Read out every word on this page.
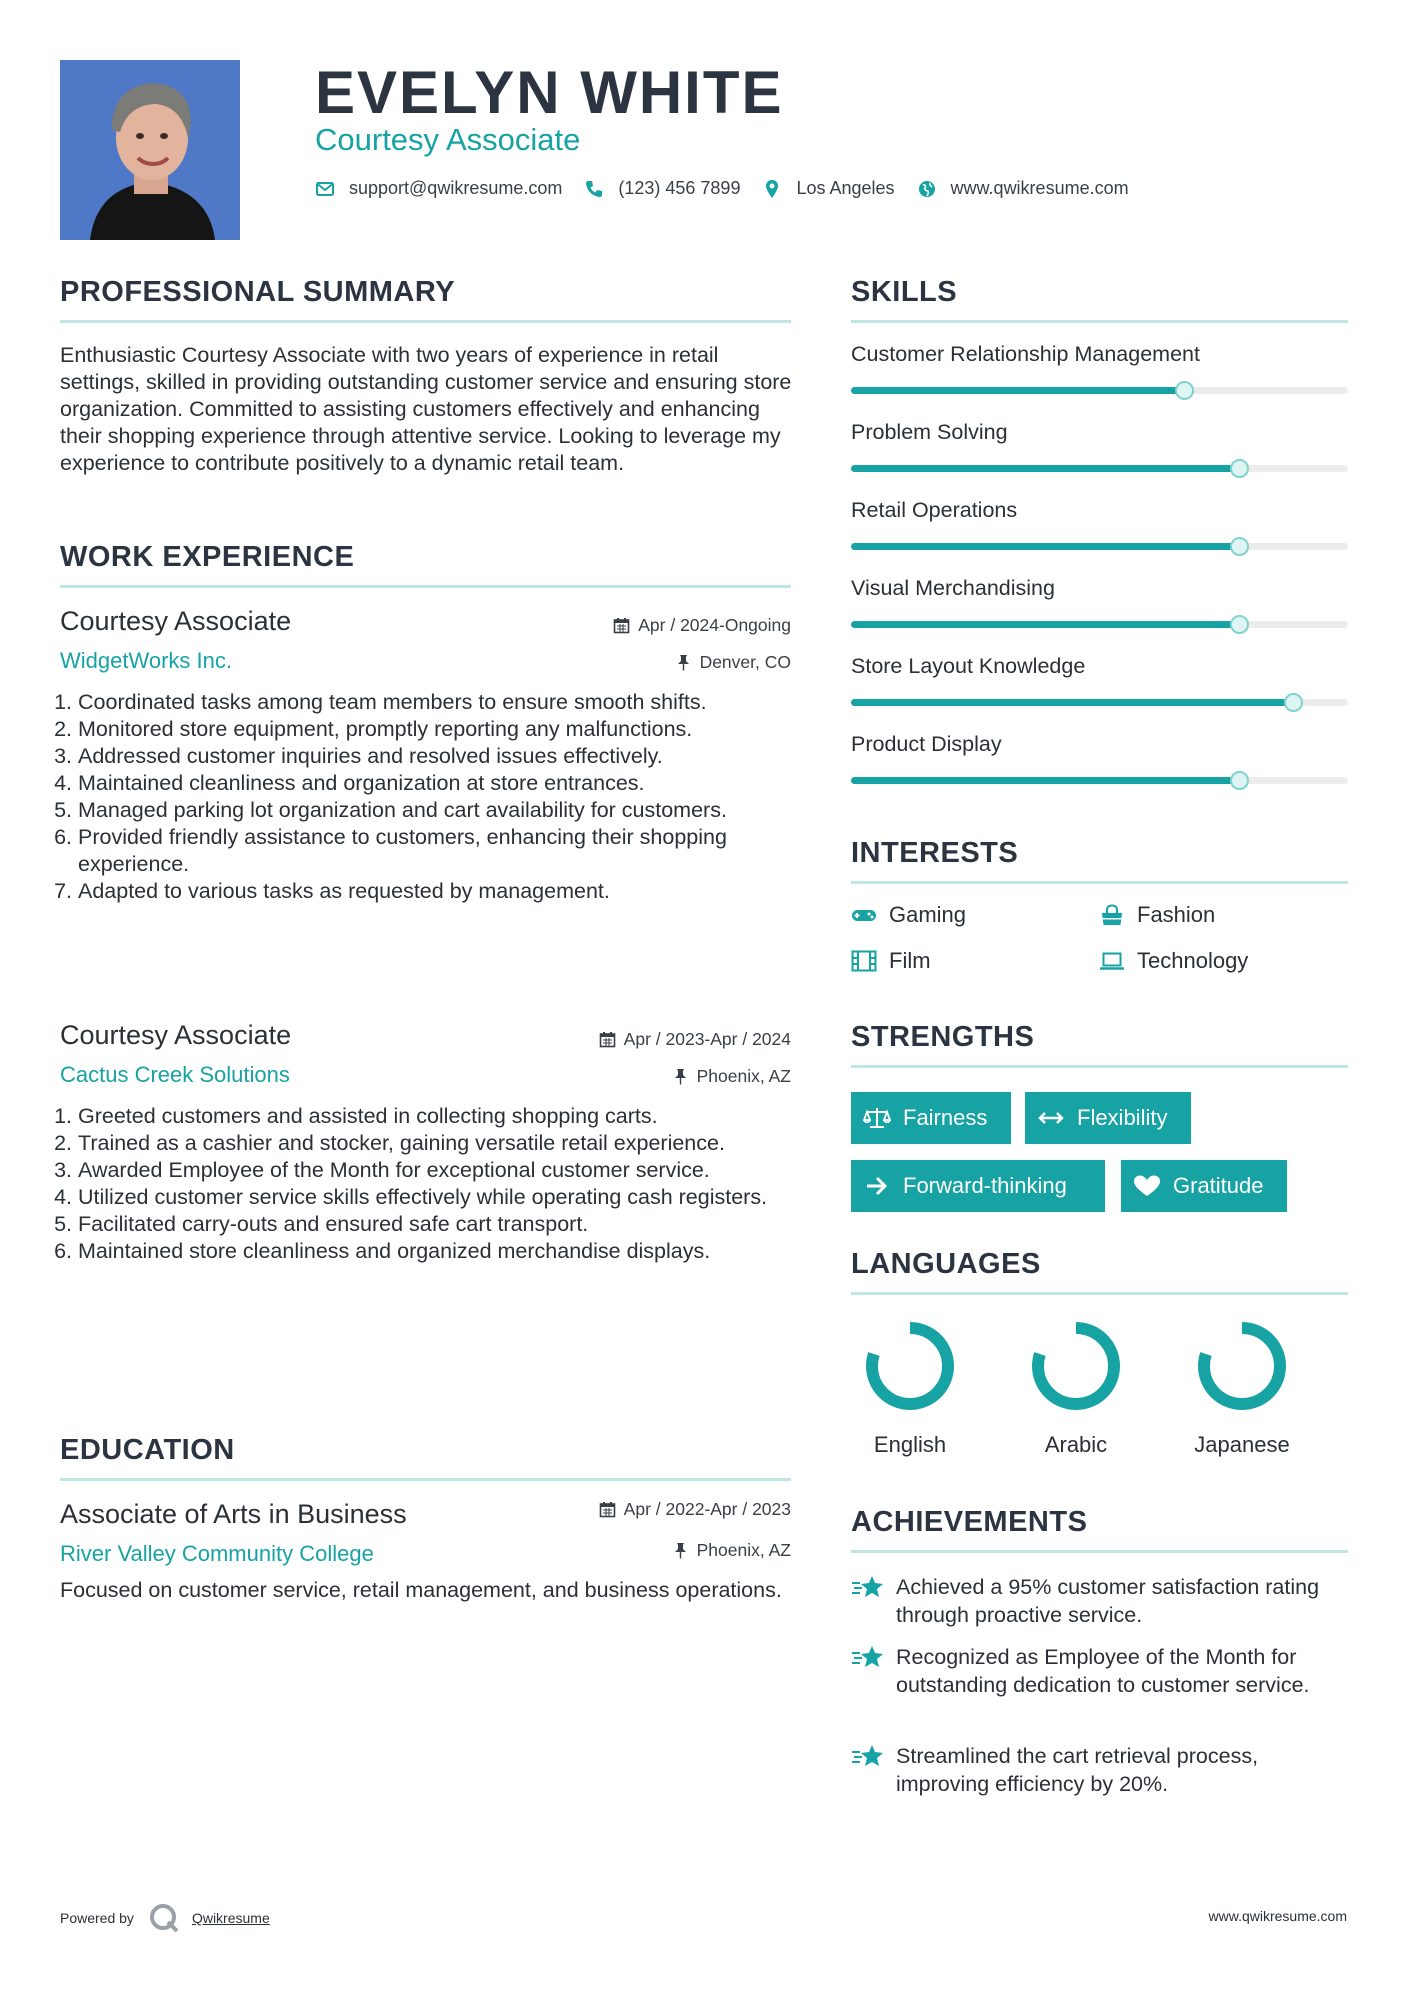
EVELYN WHITE
Courtesy Associate
support@qwikresume.com	(123) 456 7899	Los Angeles	www.qwikresume.com
PROFESSIONAL SUMMARY
Enthusiastic Courtesy Associate with two years of experience in retail settings, skilled in providing outstanding customer service and ensuring store organization. Committed to assisting customers effectively and enhancing their shopping experience through attentive service. Looking to leverage my experience to contribute positively to a dynamic retail team.
WORK EXPERIENCE
Courtesy Associate	Apr / 2024-Ongoing
WidgetWorks Inc.	Denver, CO
1. Coordinated tasks among team members to ensure smooth shifts.
2. Monitored store equipment, promptly reporting any malfunctions.
3. Addressed customer inquiries and resolved issues effectively.
4. Maintained cleanliness and organization at store entrances.
5. Managed parking lot organization and cart availability for customers.
6. Provided friendly assistance to customers, enhancing their shopping experience.
7. Adapted to various tasks as requested by management.
Courtesy Associate	Apr / 2023-Apr / 2024
Cactus Creek Solutions	Phoenix, AZ
1. Greeted customers and assisted in collecting shopping carts.
2. Trained as a cashier and stocker, gaining versatile retail experience.
3. Awarded Employee of the Month for exceptional customer service.
4. Utilized customer service skills effectively while operating cash registers.
5. Facilitated carry-outs and ensured safe cart transport.
6. Maintained store cleanliness and organized merchandise displays.
EDUCATION
Associate of Arts in Business	Apr / 2022-Apr / 2023
River Valley Community College	Phoenix, AZ
Focused on customer service, retail management, and business operations.
SKILLS
Customer Relationship Management
Problem Solving
Retail Operations
Visual Merchandising
Store Layout Knowledge
Product Display
INTERESTS
Gaming	Fashion
Film	Technology
STRENGTHS
Fairness	Flexibility
Forward-thinking	Gratitude
LANGUAGES
English	Arabic	Japanese
ACHIEVEMENTS
Achieved a 95% customer satisfaction rating through proactive service.
Recognized as Employee of the Month for outstanding dedication to customer service.
Streamlined the cart retrieval process, improving efficiency by 20%.
Powered by	Qwikresume	www.qwikresume.com
